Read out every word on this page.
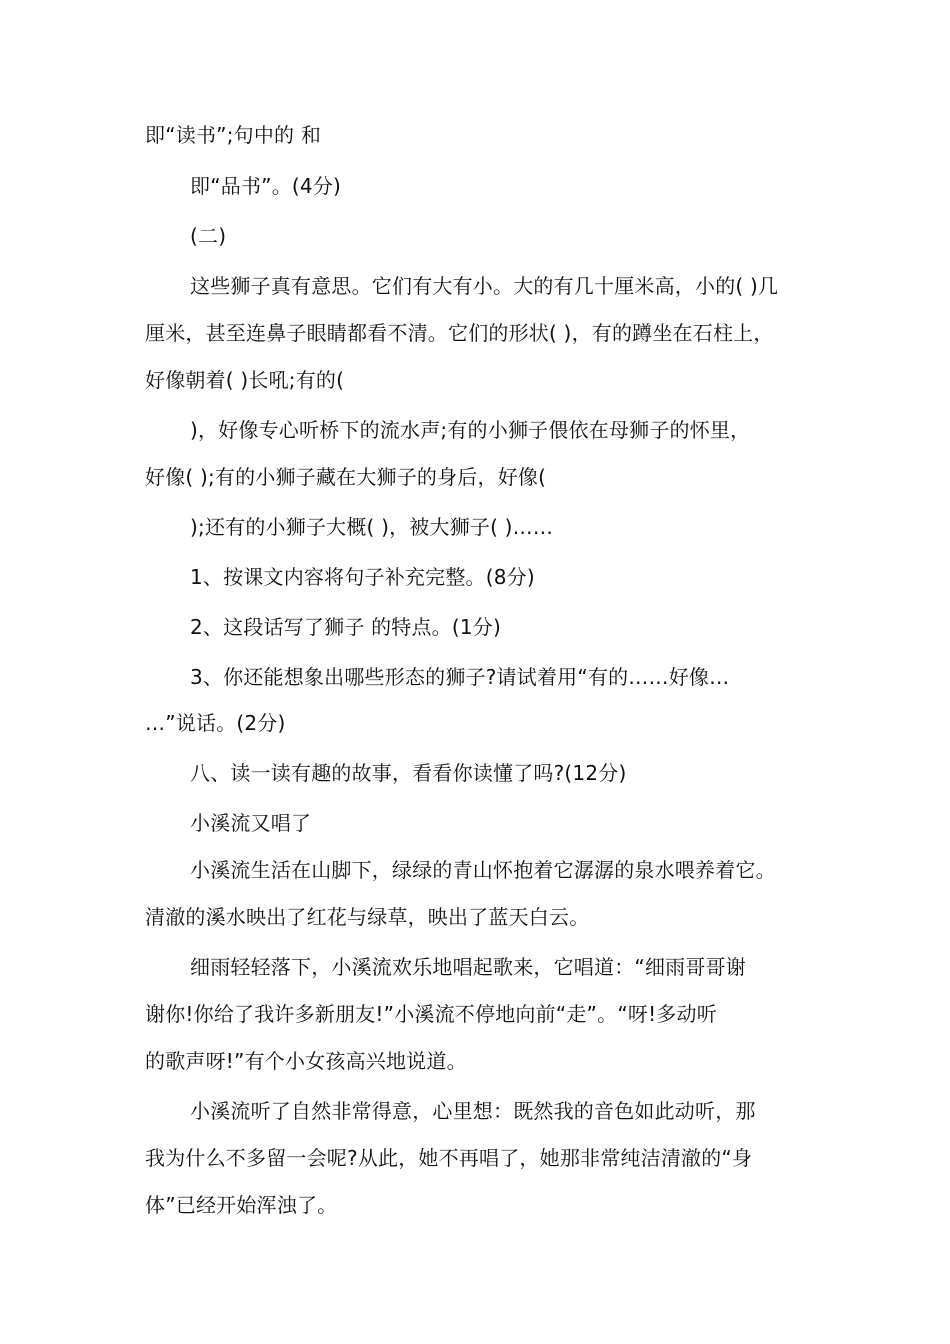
即“读书”;句中的 和
即“品书”。(4分)
(二)
这些狮子真有意思。它们有大有小。大的有几十厘米高，小的( )几
厘米，甚至连鼻子眼睛都看不清。它们的形状( )，有的蹲坐在石柱上，
好像朝着( )长吼;有的(
)，好像专心听桥下的流水声;有的小狮子偎依在母狮子的怀里，
好像( );有的小狮子藏在大狮子的身后，好像(
);还有的小狮子大概( )，被大狮子( )……
1、按课文内容将句子补充完整。(8分)
2、这段话写了狮子 的特点。(1分)
3、你还能想象出哪些形态的狮子?请试着用“有的……好像…
…”说话。(2分)
八、读一读有趣的故事，看看你读懂了吗?(12分)
小溪流又唱了
小溪流生活在山脚下，绿绿的青山怀抱着它潺潺的泉水喂养着它。
清澈的溪水映出了红花与绿草，映出了蓝天白云。
细雨轻轻落下，小溪流欢乐地唱起歌来，它唱道：“细雨哥哥谢
谢你!你给了我许多新朋友!”小溪流不停地向前“走”。“呀!多动听
的歌声呀!”有个小女孩高兴地说道。
小溪流听了自然非常得意，心里想：既然我的音色如此动听，那
我为什么不多留一会呢?从此，她不再唱了，她那非常纯洁清澈的“身
体”已经开始浑浊了。
